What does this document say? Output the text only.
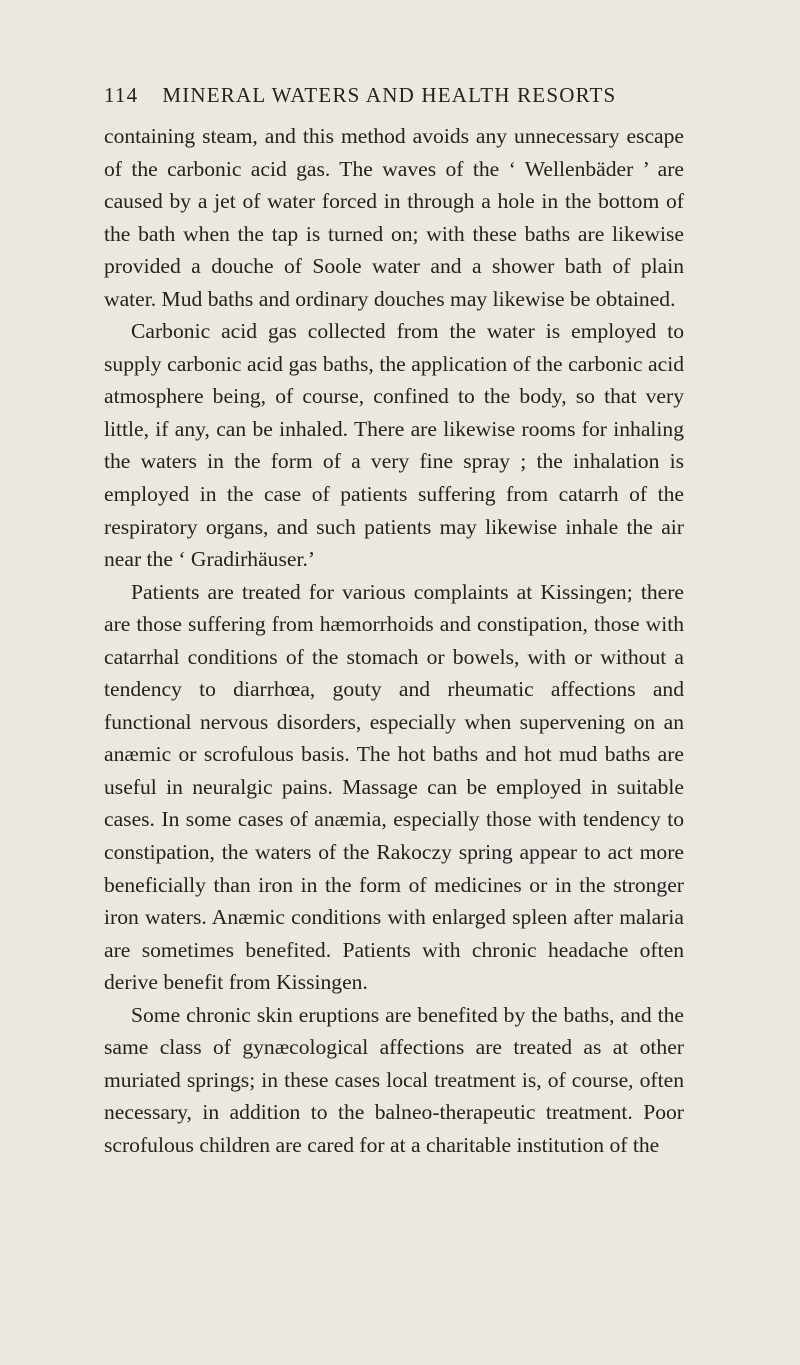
114 MINERAL WATERS AND HEALTH RESORTS

containing steam, and this method avoids any unnecessary escape of the carbonic acid gas. The waves of the ‘ Wellenbäder ’ are caused by a jet of water forced in through a hole in the bottom of the bath when the tap is turned on; with these baths are likewise provided a douche of Soole water and a shower bath of plain water. Mud baths and ordinary douches may likewise be obtained.

Carbonic acid gas collected from the water is employed to supply carbonic acid gas baths, the application of the carbonic acid atmosphere being, of course, confined to the body, so that very little, if any, can be inhaled. There are likewise rooms for inhaling the waters in the form of a very fine spray ; the inhalation is employed in the case of patients suffering from catarrh of the respiratory organs, and such patients may likewise inhale the air near the ‘ Gradirhäuser.’

Patients are treated for various complaints at Kissingen; there are those suffering from hæmorrhoids and constipation, those with catarrhal conditions of the stomach or bowels, with or without a tendency to diarrhœa, gouty and rheumatic affections and functional nervous disorders, especially when supervening on an anæmic or scrofulous basis. The hot baths and hot mud baths are useful in neuralgic pains. Massage can be employed in suitable cases. In some cases of anæmia, especially those with tendency to constipation, the waters of the Rakoczy spring appear to act more beneficially than iron in the form of medicines or in the stronger iron waters. Anæmic conditions with enlarged spleen after malaria are sometimes benefited. Patients with chronic headache often derive benefit from Kissingen.

Some chronic skin eruptions are benefited by the baths, and the same class of gynæcological affections are treated as at other muriated springs; in these cases local treatment is, of course, often necessary, in addition to the balneo-therapeutic treatment. Poor scrofulous children are cared for at a charitable institution of the
